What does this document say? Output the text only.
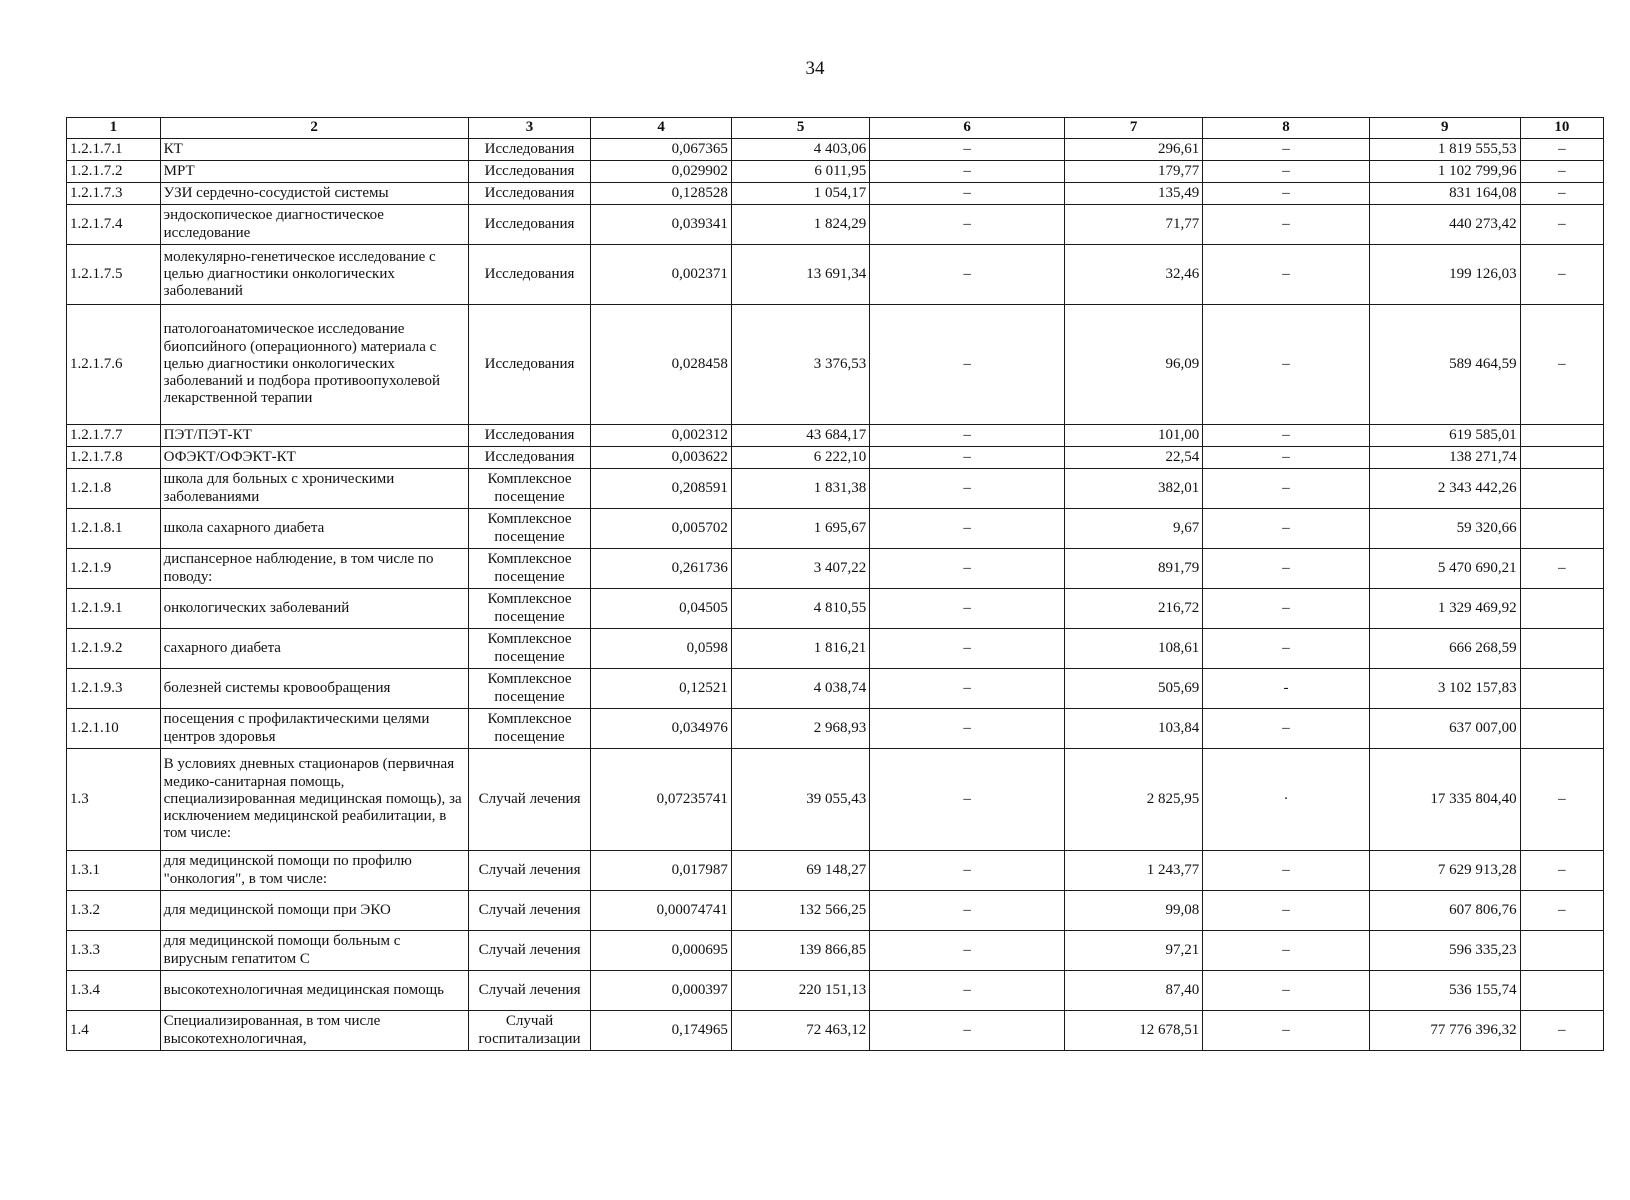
34
1	2	3	4	5	6	7	8	9	10
1.2.1.7.1	КТ	Исследования	0,067365	4 403,06	–	296,61	–	1 819 555,53	–
1.2.1.7.2	МРТ	Исследования	0,029902	6 011,95	–	179,77	–	1 102 799,96	–
1.2.1.7.3	УЗИ сердечно-сосудистой системы	Исследования	0,128528	1 054,17	–	135,49	–	831 164,08	–
1.2.1.7.4	эндоскопическое диагностическое исследование	Исследования	0,039341	1 824,29	–	71,77	–	440 273,42	–
1.2.1.7.5	молекулярно-генетическое исследование с целью диагностики онкологических заболеваний	Исследования	0,002371	13 691,34	–	32,46	–	199 126,03	–
1.2.1.7.6	патологоанатомическое исследование биопсийного (операционного) материала с целью диагностики онкологических заболеваний и подбора противоопухолевой лекарственной терапии	Исследования	0,028458	3 376,53	–	96,09	–	589 464,59	–
1.2.1.7.7	ПЭТ/ПЭТ-КТ	Исследования	0,002312	43 684,17	–	101,00	–	619 585,01	
1.2.1.7.8	ОФЭКТ/ОФЭКТ-КТ	Исследования	0,003622	6 222,10	–	22,54	–	138 271,74	
1.2.1.8	школа для больных с хроническими заболеваниями	Комплексное посещение	0,208591	1 831,38	–	382,01	–	2 343 442,26	
1.2.1.8.1	школа сахарного диабета	Комплексное посещение	0,005702	1 695,67	–	9,67	–	59 320,66	
1.2.1.9	диспансерное наблюдение, в том числе по поводу:	Комплексное посещение	0,261736	3 407,22	–	891,79	–	5 470 690,21	–
1.2.1.9.1	онкологических заболеваний	Комплексное посещение	0,04505	4 810,55	–	216,72	–	1 329 469,92	
1.2.1.9.2	сахарного диабета	Комплексное посещение	0,0598	1 816,21	–	108,61	–	666 268,59	
1.2.1.9.3	болезней системы кровообращения	Комплексное посещение	0,12521	4 038,74	–	505,69	-	3 102 157,83	
1.2.1.10	посещения с профилактическими целями центров здоровья	Комплексное посещение	0,034976	2 968,93	–	103,84	–	637 007,00	
1.3	В условиях дневных стационаров (первичная медико-санитарная помощь, специализированная медицинская помощь), за исключением медицинской реабилитации, в том числе:	Случай лечения	0,07235741	39 055,43	–	2 825,95	·	17 335 804,40	–
1.3.1	для медицинской помощи по профилю "онкология", в том числе:	Случай лечения	0,017987	69 148,27	–	1 243,77	–	7 629 913,28	–
1.3.2	для медицинской помощи при ЭКО	Случай лечения	0,00074741	132 566,25	–	99,08	–	607 806,76	–
1.3.3	для медицинской помощи больным с вирусным гепатитом С	Случай лечения	0,000695	139 866,85	–	97,21	–	596 335,23	
1.3.4	высокотехнологичная медицинская помощь	Случай лечения	0,000397	220 151,13	–	87,40	–	536 155,74	
1.4	Специализированная, в том числе высокотехнологичная,	Случай госпитализации	0,174965	72 463,12	–	12 678,51	–	77 776 396,32	–
